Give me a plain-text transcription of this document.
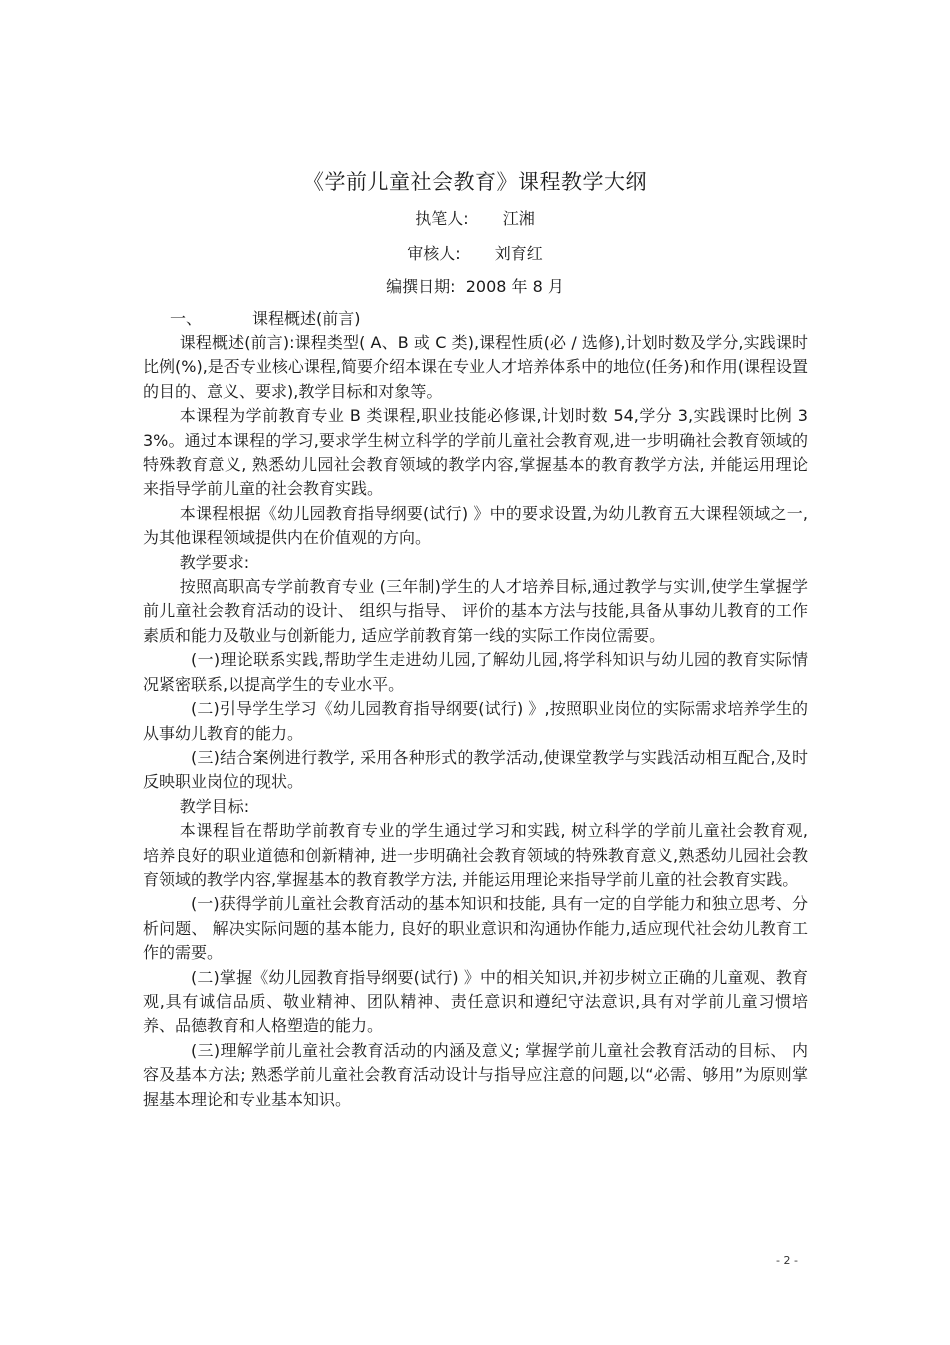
《学前儿童社会教育》课程教学大纲
执笔人: 江湘
审核人: 刘育红
编撰日期: 2008 年 8 月
一、	课程概述(前言)

课程概述(前言):课程类型( A、B 或 C 类),课程性质(必 / 选修),计划时数及学分,实践课时比例(%),是否专业核心课程,简要介绍本课在专业人才培养体系中的地位(任务)和作用(课程设置的目的、意义、要求),教学目标和对象等。

本课程为学前教育专业 B 类课程,职业技能必修课,计划时数 54,学分 3,实践课时比例 33%。通过本课程的学习,要求学生树立科学的学前儿童社会教育观,进一步明确社会教育领域的特殊教育意义, 熟悉幼儿园社会教育领域的教学内容,掌握基本的教育教学方法, 并能运用理论来指导学前儿童的社会教育实践。

本课程根据《幼儿园教育指导纲要(试行) 》中的要求设置,为幼儿教育五大课程领域之一,为其他课程领域提供内在价值观的方向。

教学要求:

按照高职高专学前教育专业 (三年制)学生的人才培养目标,通过教学与实训,使学生掌握学前儿童社会教育活动的设计、 组织与指导、 评价的基本方法与技能,具备从事幼儿教育的工作素质和能力及敬业与创新能力, 适应学前教育第一线的实际工作岗位需要。

(一)理论联系实践,帮助学生走进幼儿园,了解幼儿园,将学科知识与幼儿园的教育实际情况紧密联系,以提高学生的专业水平。

(二)引导学生学习《幼儿园教育指导纲要(试行) 》,按照职业岗位的实际需求培养学生的从事幼儿教育的能力。

(三)结合案例进行教学, 采用各种形式的教学活动,使课堂教学与实践活动相互配合,及时反映职业岗位的现状。

教学目标:

本课程旨在帮助学前教育专业的学生通过学习和实践, 树立科学的学前儿童社会教育观, 培养良好的职业道德和创新精神, 进一步明确社会教育领域的特殊教育意义,熟悉幼儿园社会教育领域的教学内容,掌握基本的教育教学方法, 并能运用理论来指导学前儿童的社会教育实践。

(一)获得学前儿童社会教育活动的基本知识和技能, 具有一定的自学能力和独立思考、分析问题、 解决实际问题的基本能力, 良好的职业意识和沟通协作能力,适应现代社会幼儿教育工作的需要。

(二)掌握《幼儿园教育指导纲要(试行) 》中的相关知识,并初步树立正确的儿童观、教育观,具有诚信品质、敬业精神、团队精神、责任意识和遵纪守法意识,具有对学前儿童习惯培养、品德教育和人格塑造的能力。

(三)理解学前儿童社会教育活动的内涵及意义; 掌握学前儿童社会教育活动的目标、 内容及基本方法; 熟悉学前儿童社会教育活动设计与指导应注意的问题,以“必需、够用”为原则掌握基本理论和专业基本知识。

- 2 -
